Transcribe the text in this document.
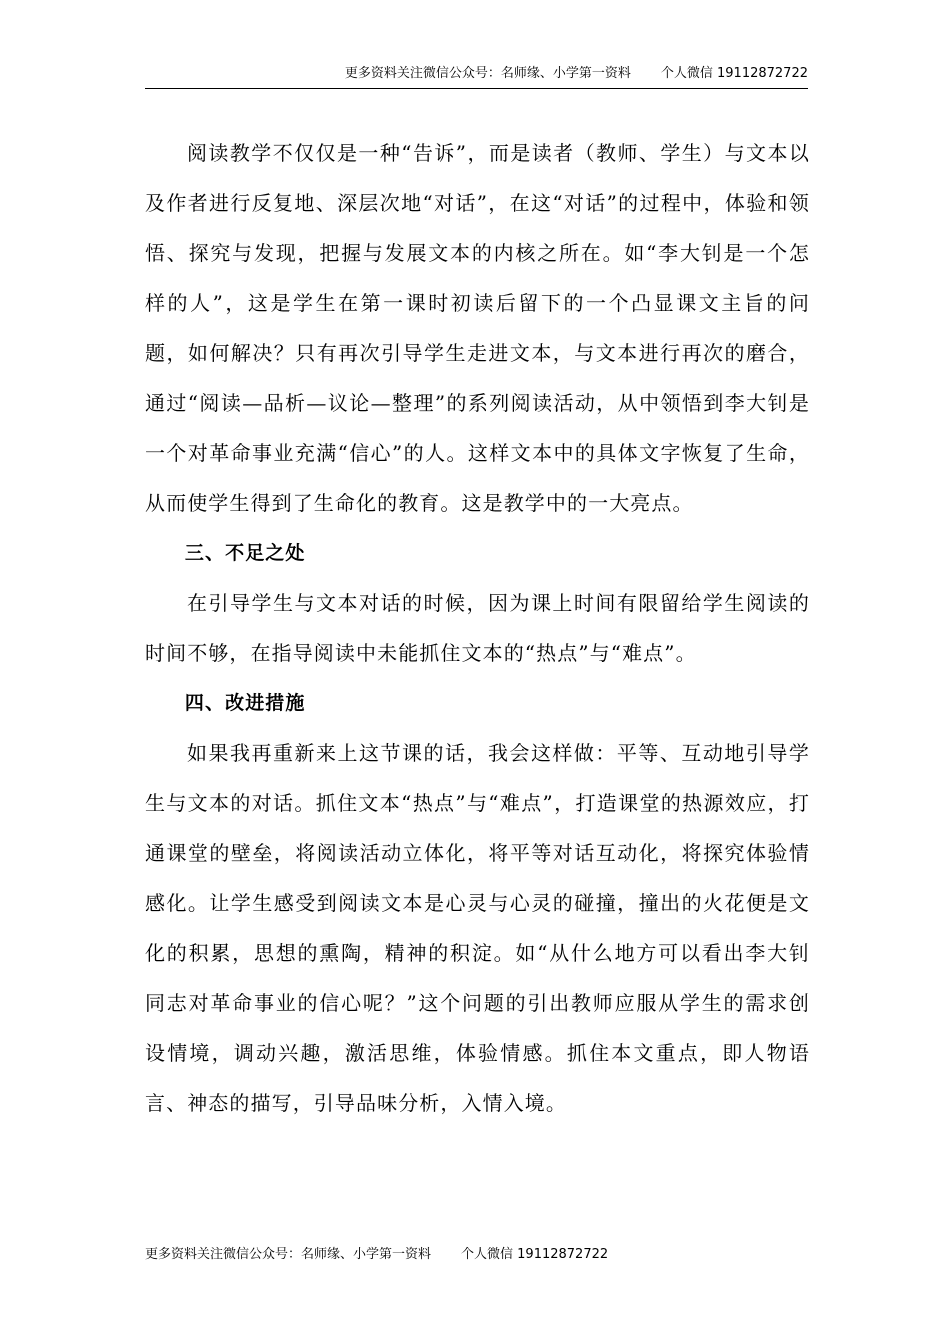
更多资料关注微信公众号：名师缘、小学第一资料 个人微信 19112872722

阅读教学不仅仅是一种“告诉”，而是读者（教师、学生）与文本以及作者进行反复地、深层次地“对话”，在这“对话”的过程中，体验和领悟、探究与发现，把握与发展文本的内核之所在。如“李大钊是一个怎样的人”，这是学生在第一课时初读后留下的一个凸显课文主旨的问题，如何解决？只有再次引导学生走进文本，与文本进行再次的磨合，通过“阅读—品析—议论—整理”的系列阅读活动，从中领悟到李大钊是一个对革命事业充满“信心”的人。这样文本中的具体文字恢复了生命，从而使学生得到了生命化的教育。这是教学中的一大亮点。

三、不足之处

在引导学生与文本对话的时候，因为课上时间有限留给学生阅读的时间不够，在指导阅读中未能抓住文本的“热点”与“难点”。

四、改进措施

如果我再重新来上这节课的话，我会这样做：平等、互动地引导学生与文本的对话。抓住文本“热点”与“难点”，打造课堂的热源效应，打通课堂的壁垒，将阅读活动立体化，将平等对话互动化，将探究体验情感化。让学生感受到阅读文本是心灵与心灵的碰撞，撞出的火花便是文化的积累，思想的熏陶，精神的积淀。如“从什么地方可以看出李大钊同志对革命事业的信心呢？”这个问题的引出教师应服从学生的需求创设情境，调动兴趣，激活思维，体验情感。抓住本文重点，即人物语言、神态的描写，引导品味分析，入情入境。

更多资料关注微信公众号：名师缘、小学第一资料 个人微信 19112872722
